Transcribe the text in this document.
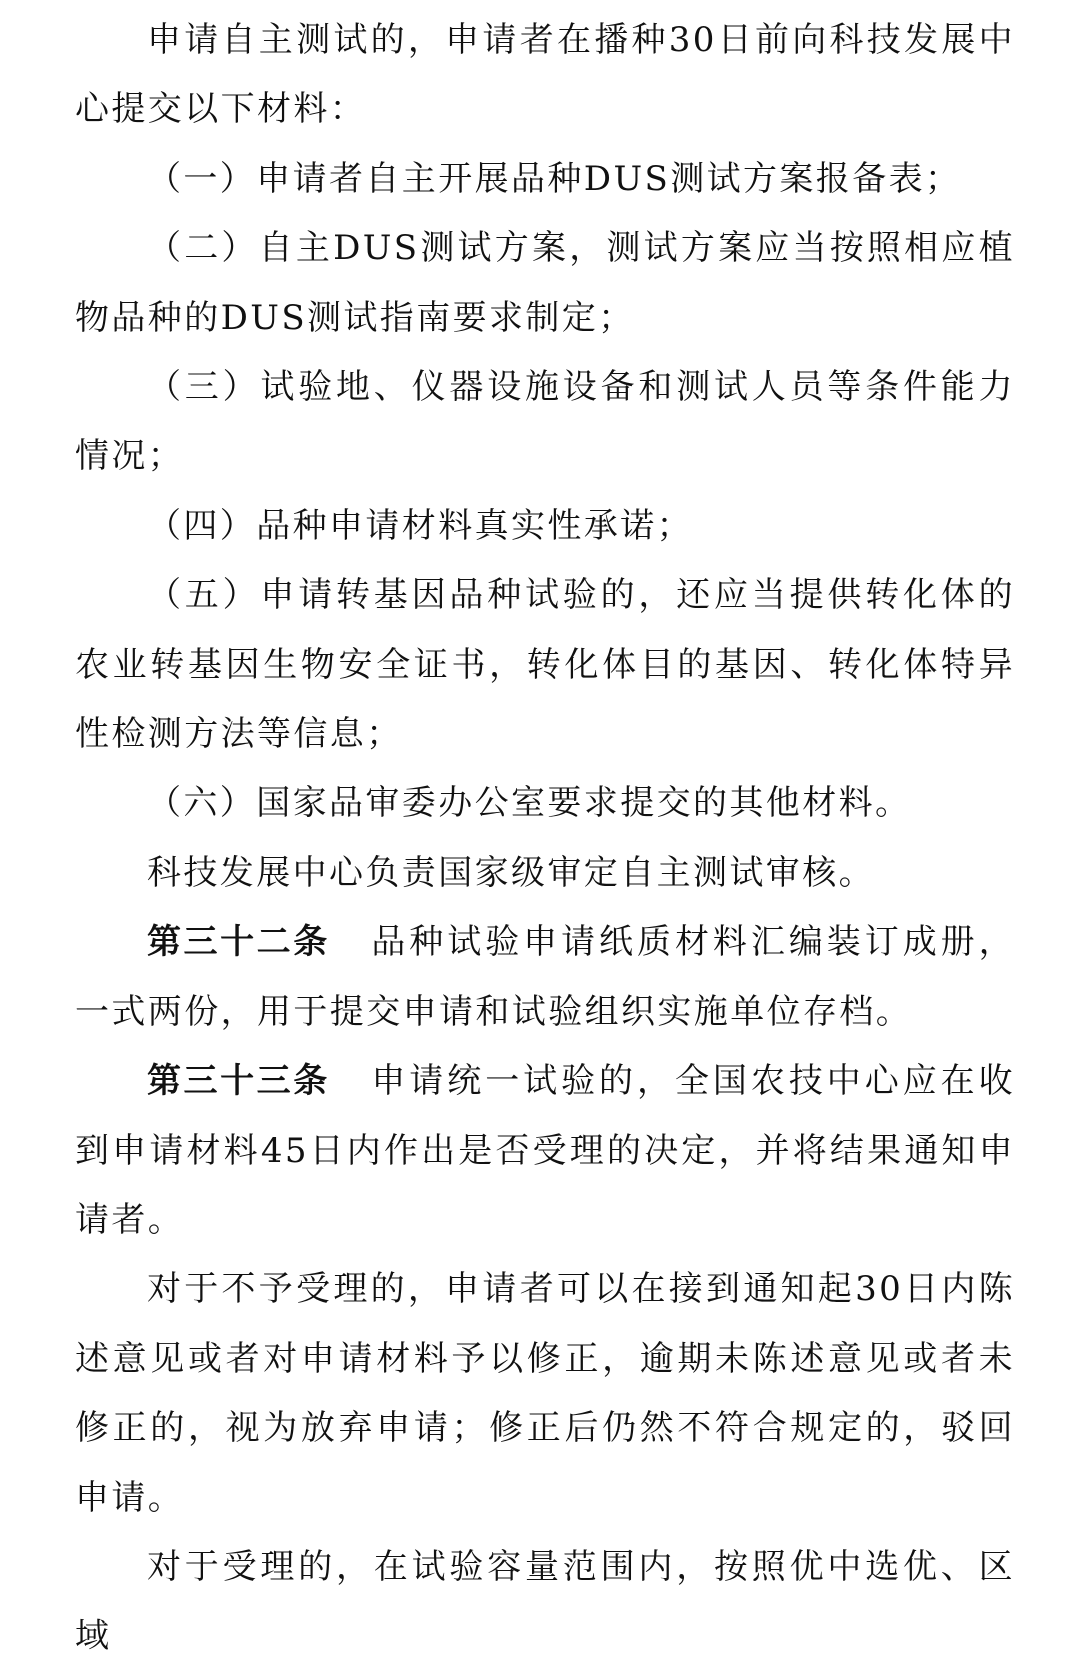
申请自主测试的，申请者在播种30日前向科技发展中心提交以下材料：

（一）申请者自主开展品种DUS测试方案报备表；

（二）自主DUS测试方案，测试方案应当按照相应植物品种的DUS测试指南要求制定；

（三）试验地、仪器设施设备和测试人员等条件能力情况；

（四）品种申请材料真实性承诺；

（五）申请转基因品种试验的，还应当提供转化体的农业转基因生物安全证书，转化体目的基因、转化体特异性检测方法等信息；

（六）国家品审委办公室要求提交的其他材料。

科技发展中心负责国家级审定自主测试审核。

第三十二条 品种试验申请纸质材料汇编装订成册，一式两份，用于提交申请和试验组织实施单位存档。

第三十三条 申请统一试验的，全国农技中心应在收到申请材料45日内作出是否受理的决定，并将结果通知申请者。

对于不予受理的，申请者可以在接到通知起30日内陈述意见或者对申请材料予以修正，逾期未陈述意见或者未修正的，视为放弃申请；修正后仍然不符合规定的，驳回申请。

对于受理的，在试验容量范围内，按照优中选优、区域
